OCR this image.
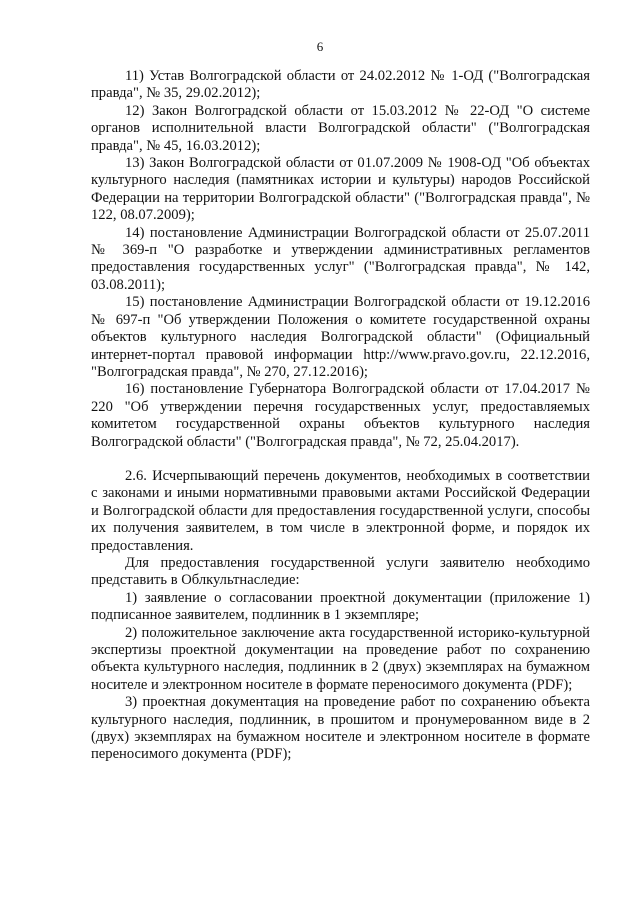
6

11) Устав Волгоградской области от 24.02.2012 № 1-ОД ("Волгоградская правда", № 35, 29.02.2012);

12) Закон Волгоградской области от 15.03.2012 № 22-ОД "О системе органов исполнительной власти Волгоградской области" ("Волгоградская правда", № 45, 16.03.2012);

13) Закон Волгоградской области от 01.07.2009 № 1908-ОД "Об объектах культурного наследия (памятниках истории и культуры) народов Российской Федерации на территории Волгоградской области" ("Волгоградская правда", № 122, 08.07.2009);

14) постановление Администрации Волгоградской области от 25.07.2011 № 369-п "О разработке и утверждении административных регламентов предоставления государственных услуг" ("Волгоградская правда", № 142, 03.08.2011);

15) постановление Администрации Волгоградской области от 19.12.2016 № 697-п "Об утверждении Положения о комитете государственной охраны объектов культурного наследия Волгоградской области" (Официальный интернет-портал правовой информации http://www.pravo.gov.ru, 22.12.2016, "Волгоградская правда", № 270, 27.12.2016);

16) постановление Губернатора Волгоградской области от 17.04.2017 № 220 "Об утверждении перечня государственных услуг, предоставляемых комитетом государственной охраны объектов культурного наследия Волгоградской области" ("Волгоградская правда", № 72, 25.04.2017).

2.6. Исчерпывающий перечень документов, необходимых в соответствии с законами и иными нормативными правовыми актами Российской Федерации и Волгоградской области для предоставления государственной услуги, способы их получения заявителем, в том числе в электронной форме, и порядок их предоставления.

Для предоставления государственной услуги заявителю необходимо представить в Облкультнаследие:

1) заявление о согласовании проектной документации (приложение 1) подписанное заявителем, подлинник в 1 экземпляре;

2) положительное заключение акта государственной историко-культурной экспертизы проектной документации на проведение работ по сохранению объекта культурного наследия, подлинник в 2 (двух) экземплярах на бумажном носителе и электронном носителе в формате переносимого документа (PDF);

3) проектная документация на проведение работ по сохранению объекта культурного наследия, подлинник, в прошитом и пронумерованном виде в 2 (двух) экземплярах на бумажном носителе и электронном носителе в формате переносимого документа (PDF);
